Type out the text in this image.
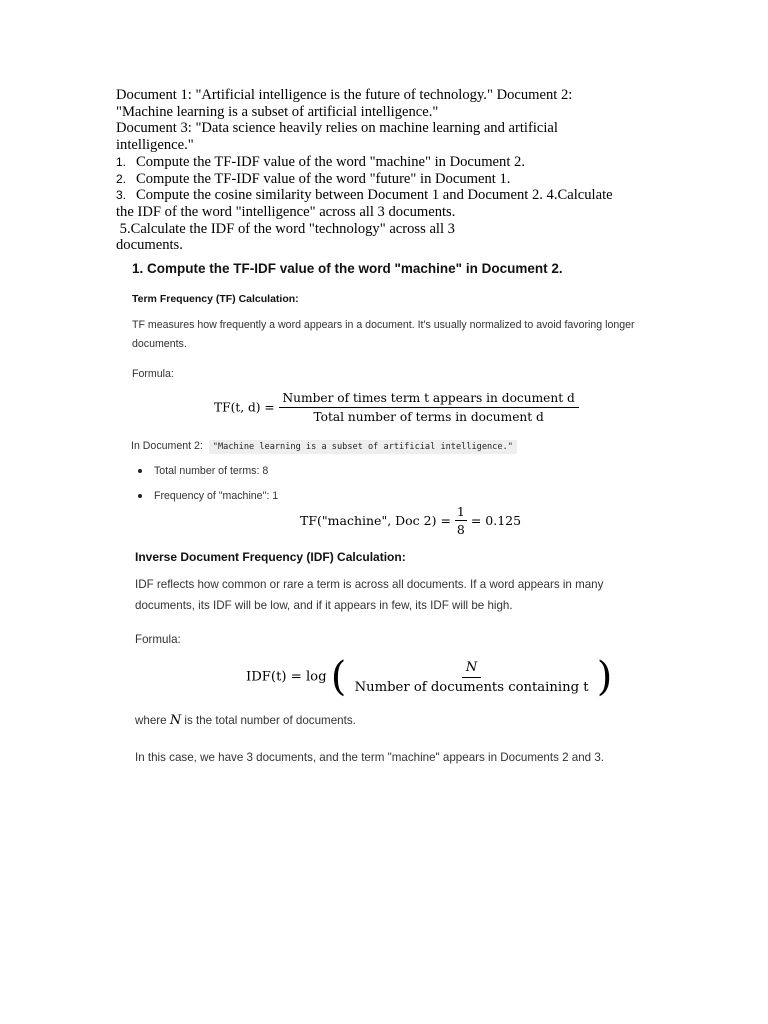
Document 1: "Artificial intelligence is the future of technology." Document 2:
"Machine learning is a subset of artificial intelligence."
Document 3: "Data science heavily relies on machine learning and artificial
intelligence."
1. Compute the TF-IDF value of the word "machine" in Document 2.
2. Compute the TF-IDF value of the word "future" in Document 1.
3. Compute the cosine similarity between Document 1 and Document 2. 4.Calculate
the IDF of the word "intelligence" across all 3 documents.
5.Calculate the IDF of the word "technology" across all 3
documents.
1. Compute the TF-IDF value of the word "machine" in Document 2.
Term Frequency (TF) Calculation:
TF measures how frequently a word appears in a document. It's usually normalized to avoid favoring longer documents.
Formula:
TF(t, $d) = \frac{\text{Number of times term t appears in document d}}{\text{Total number of terms in document d}}$
In Document 2: "Machine learning is a subset of artificial intelligence."
Total number of terms: 8
Frequency of "machine": 1
TF("machine", Doc $2) = \frac{1}{8} = 0.125$
Inverse Document Frequency (IDF) Calculation:
IDF reflects how common or rare a term is across all documents. If a word appears in many documents, its IDF will be low, and if it appears in few, its IDF will be high.
Formula:
IDF(t) = log ( $\frac{N}{\text{Number of documents containing t}}$ )
where N is the total number of documents.
In this case, we have 3 documents, and the term "machine" appears in Documents 2 and 3.
